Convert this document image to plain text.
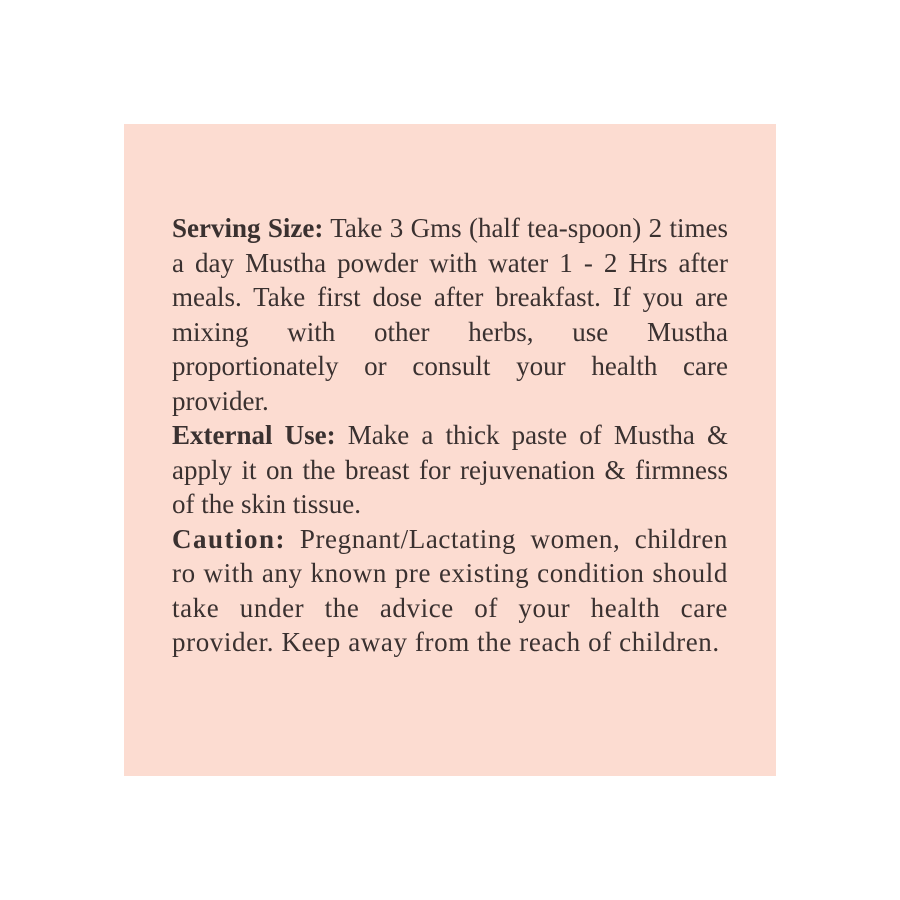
Serving Size: Take 3 Gms (half tea-spoon) 2 times a day Mustha powder with water 1 - 2 Hrs after meals. Take first dose after breakfast. If you are mixing with other herbs, use Mustha proportionately or consult your health care provider.

External Use: Make a thick paste of Mustha & apply it on the breast for rejuvenation & firmness of the skin tissue.

Caution: Pregnant/Lactating women, children ro with any known pre existing condition should take under the advice of your health care provider. Keep away from the reach of children.
